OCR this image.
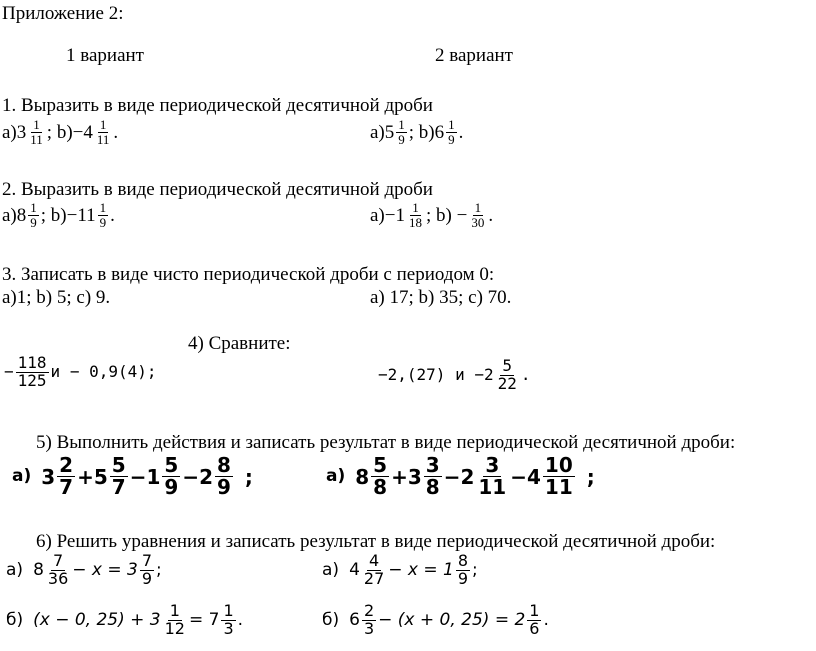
Приложение 2:
1 вариант	2 вариант
1. Выразить в виде периодической десятичной дроби
а) $3 \frac{1}{11}$ ; $b) -4 \frac{1}{11}$ .	а) $5 \frac{1}{9}$ ; b) $6 \frac{1}{9}$ .
2. Выразить в виде периодической десятичной дроби
а) $8 \frac{1}{9}$ ; $b) -11 \frac{1}{9}$ .	$а) -1 \frac{1}{18}$ ; $b) - \frac{1}{30}$ .
3. Записать в виде чисто периодической дроби с периодом 0:
а)1; b) 5; c) 9.	а) 17; b) 35; c) 70.
4) Сравните:
− $\frac{118}{125}$ и − 0,9(4);	−2,(27) $и -2 \frac{5}{22}$ .
5) Выполнить действия и записать результат в виде периодической десятичной дроби:
а) $3 \frac{2}{7} + 5 \frac{5}{7} - 1 \frac{5}{9} - 2 \frac{8}{9}$ ;	а) $8 \frac{5}{8} + 3 \frac{3}{8} - 2 \frac{3}{11} - 4 \frac{10}{11}$ ;
6) Решить уравнения и записать результат в виде периодической десятичной дроби:
а) $8 \frac{7}{36} - x = 3 \frac{7}{9}$ ;	а) $4 \frac{4}{27} - x = 1 \frac{8}{9}$ ;
б) (x − 0, $25) + 3 \frac{1}{12} = 7 \frac{1}{3}$ .	б) $6 \frac{2}{3} - (x + 0$, $25) = 2 \frac{1}{6}$ .
